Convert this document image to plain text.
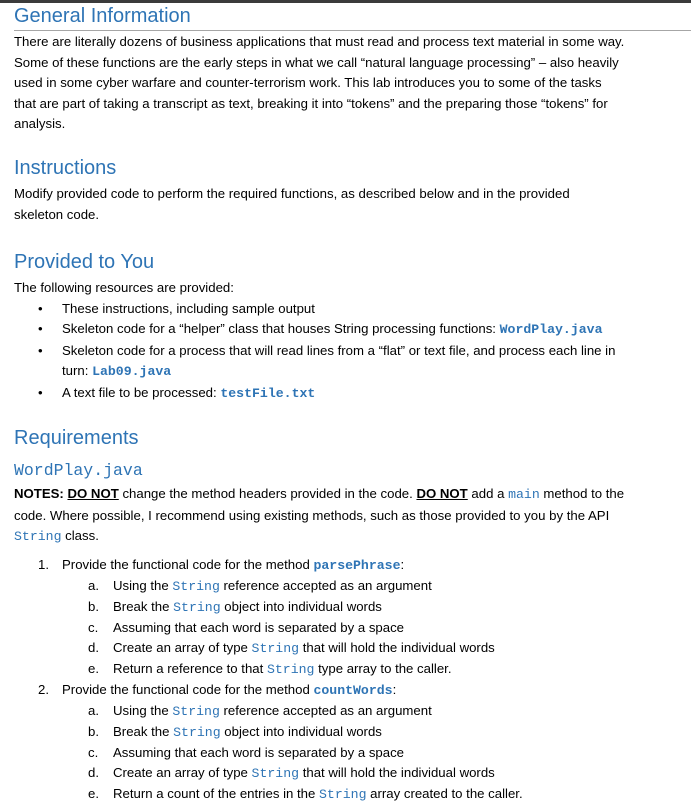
General Information

There are literally dozens of business applications that must read and process text material in some way.

Some of these functions are the early steps in what we call “natural language processing” – also heavily

used in some cyber warfare and counter-terrorism work. This lab introduces you to some of the tasks

that are part of taking a transcript as text, breaking it into “tokens” and the preparing those “tokens” for

analysis.

Instructions

Modify provided code to perform the required functions, as described below and in the provided

skeleton code.

Provided to You

The following resources are provided:

• These instructions, including sample output
• Skeleton code for a “helper” class that houses String processing functions: WordPlay.java
• Skeleton code for a process that will read lines from a “flat” or text file, and process each line in
turn: Lab09.java
• A text file to be processed: testFile.txt
Requirements
WordPlay.java

NOTES: DO NOT change the method headers provided in the code. DO NOT add a main method to the

code. Where possible, I recommend using existing methods, such as those provided to you by the API

String class.

1. Provide the functional code for the method parsePhrase:
a. Using the String reference accepted as an argument
b. Break the String object into individual words
c. Assuming that each word is separated by a space
d. Create an array of type String that will hold the individual words
e. Return a reference to that String type array to the caller.
2. Provide the functional code for the method countWords:
a. Using the String reference accepted as an argument
b. Break the String object into individual words
c. Assuming that each word is separated by a space
d. Create an array of type String that will hold the individual words
e. Return a count of the entries in the String array created to the caller.
